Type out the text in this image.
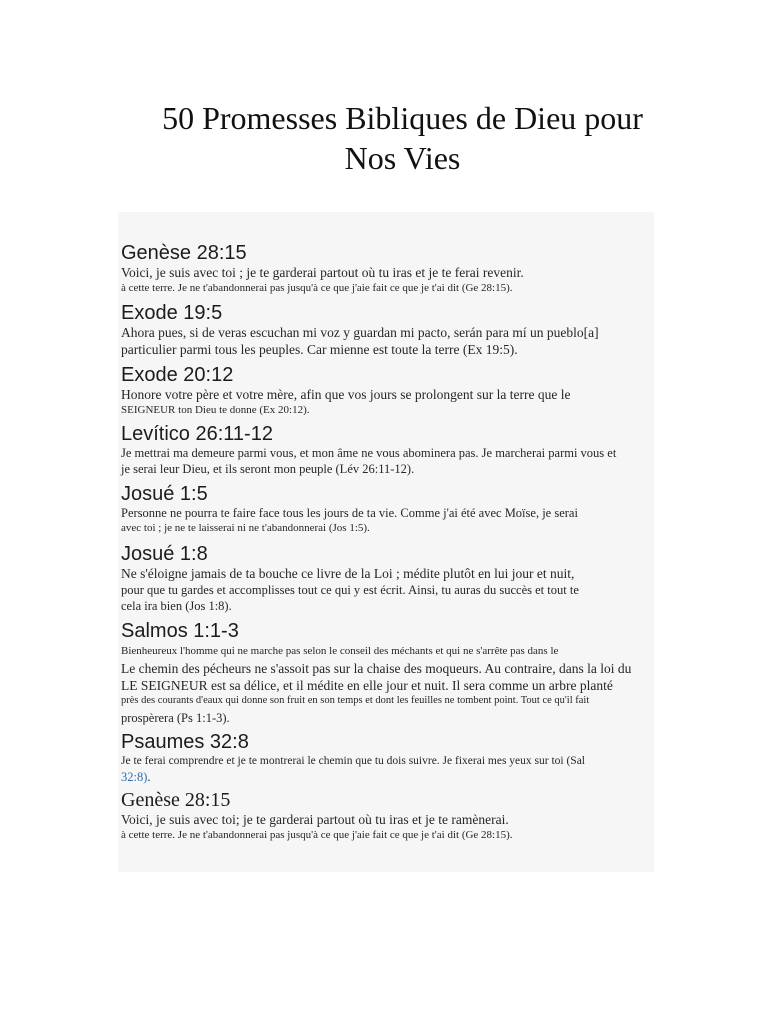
50 Promesses Bibliques de Dieu pour
Nos Vies
Genèse 28:15
Voici, je suis avec toi ; je te garderai partout où tu iras et je te ferai revenir.
à cette terre. Je ne t'abandonnerai pas jusqu'à ce que j'aie fait ce que je t'ai dit (Ge 28:15).
Exode 19:5
Ahora pues, si de veras escuchan mi voz y guardan mi pacto, serán para mí un pueblo[a]
particulier parmi tous les peuples. Car mienne est toute la terre (Ex 19:5).
Exode 20:12
Honore votre père et votre mère, afin que vos jours se prolongent sur la terre que le
SEIGNEUR ton Dieu te donne (Ex 20:12).
Levítico 26:11-12
Je mettrai ma demeure parmi vous, et mon âme ne vous abominera pas. Je marcherai parmi vous et
je serai leur Dieu, et ils seront mon peuple (Lév 26:11-12).
Josué 1:5
Personne ne pourra te faire face tous les jours de ta vie. Comme j'ai été avec Moïse, je serai
avec toi ; je ne te laisserai ni ne t'abandonnerai (Jos 1:5).
Josué 1:8
Ne s'éloigne jamais de ta bouche ce livre de la Loi ; médite plutôt en lui jour et nuit,
pour que tu gardes et accomplisses tout ce qui y est écrit. Ainsi, tu auras du succès et tout te
cela ira bien (Jos 1:8).
Salmos 1:1-3
Bienheureux l'homme qui ne marche pas selon le conseil des méchants et qui ne s'arrête pas dans le
Le chemin des pécheurs ne s'assoit pas sur la chaise des moqueurs. Au contraire, dans la loi du
LE SEIGNEUR est sa délice, et il médite en elle jour et nuit. Il sera comme un arbre planté
près des courants d'eaux qui donne son fruit en son temps et dont les feuilles ne tombent point. Tout ce qu'il fait
prospèrera (Ps 1:1-3).
Psaumes 32:8
Je te ferai comprendre et je te montrerai le chemin que tu dois suivre. Je fixerai mes yeux sur toi (Sal
32:8).
Genèse 28:15
Voici, je suis avec toi; je te garderai partout où tu iras et je te ramènerai.
à cette terre. Je ne t'abandonnerai pas jusqu'à ce que j'aie fait ce que je t'ai dit (Ge 28:15).
